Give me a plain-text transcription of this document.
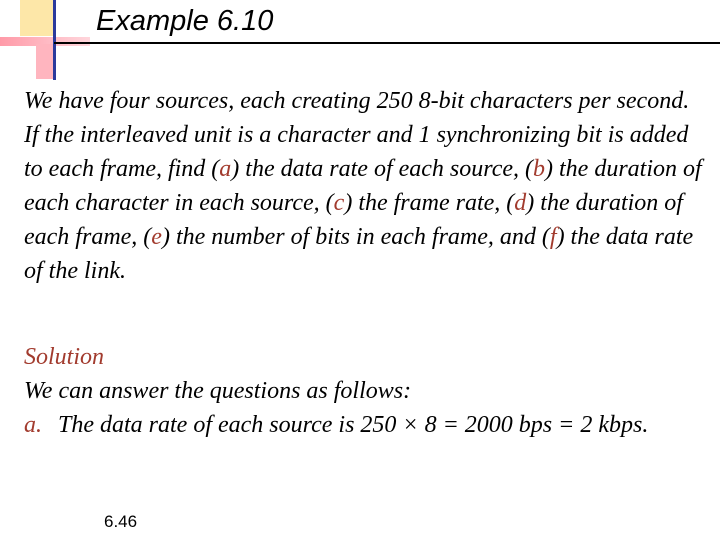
Example 6.10

We have four sources, each creating 250 8-bit characters per second. If the interleaved unit is a character and 1 synchronizing bit is added to each frame, find (a) the data rate of each source, (b) the duration of each character in each source, (c) the frame rate, (d) the duration of each frame, (e) the number of bits in each frame, and (f) the data rate of the link.

Solution

We can answer the questions as follows:

a. The data rate of each source is 250 × 8 = 2000 bps = 2 kbps.

6.46
